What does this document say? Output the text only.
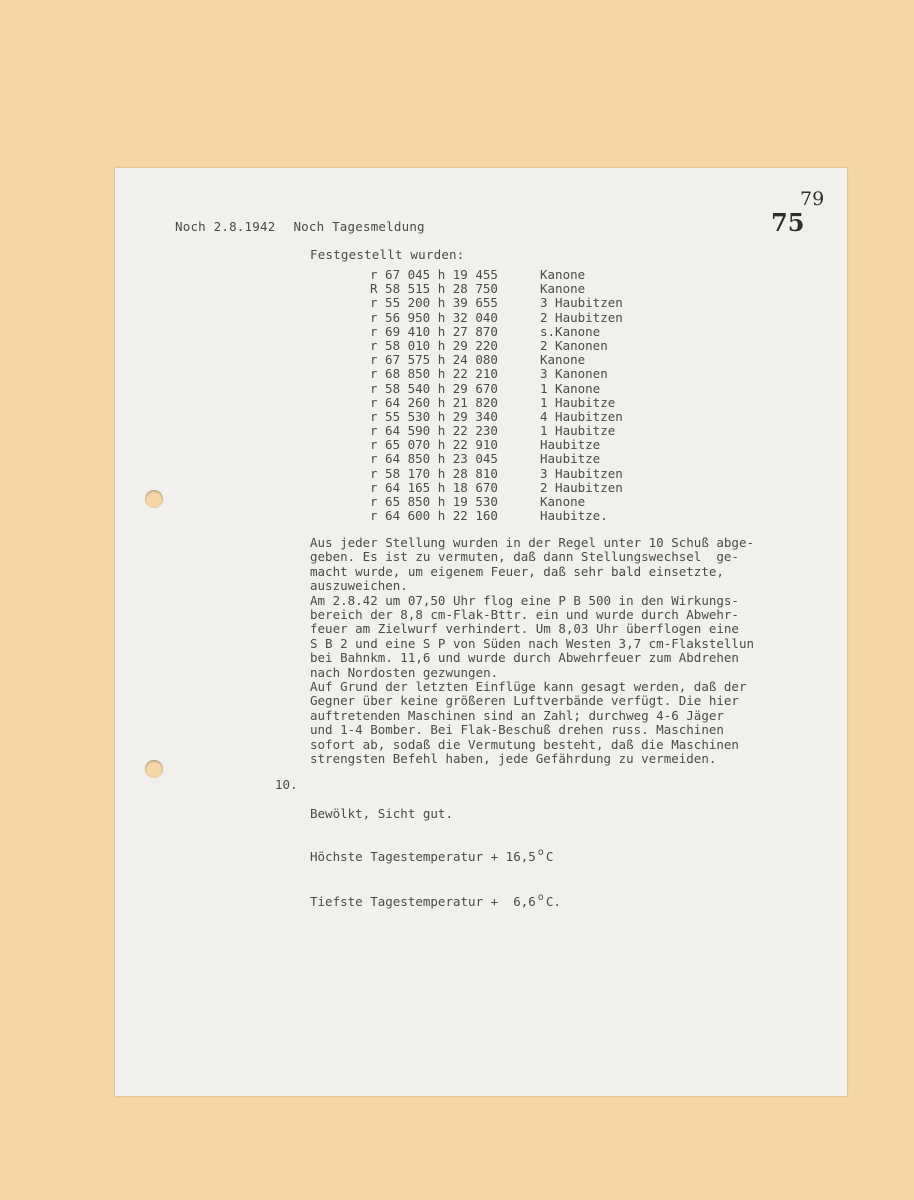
79
75
Noch 2.8.1942 Noch Tagesmeldung
Festgestellt wurden:
r 67 045 h 19 455	Kanone
R 58 515 h 28 750	Kanone
r 55 200 h 39 655	3 Haubitzen
r 56 950 h 32 040	2 Haubitzen
r 69 410 h 27 870	s.Kanone
r 58 010 h 29 220	2 Kanonen
r 67 575 h 24 080	Kanone
r 68 850 h 22 210	3 Kanonen
r 58 540 h 29 670	1 Kanone
r 64 260 h 21 820	1 Haubitze
r 55 530 h 29 340	4 Haubitzen
r 64 590 h 22 230	1 Haubitze
r 65 070 h 22 910	Haubitze
r 64 850 h 23 045	Haubitze
r 58 170 h 28 810	3 Haubitzen
r 64 165 h 18 670	2 Haubitzen
r 65 850 h 19 530	Kanone
r 64 600 h 22 160	Haubitze.

Aus jeder Stellung wurden in der Regel unter 10 Schuß abge-

geben. Es ist zu vermuten, daß dann Stellungswechsel  ge-

macht wurde, um eigenem Feuer, daß sehr bald einsetzte,

auszuweichen.

Am 2.8.42 um 07,50 Uhr flog eine P B 500 in den Wirkungs-

bereich der 8,8 cm-Flak-Bttr. ein und wurde durch Abwehr-

feuer am Zielwurf verhindert. Um 8,03 Uhr überflogen eine

S B 2 und eine S P von Süden nach Westen 3,7 cm-Flakstellun

bei Bahnkm. 11,6 und wurde durch Abwehrfeuer zum Abdrehen

nach Nordosten gezwungen.

Auf Grund der letzten Einflüge kann gesagt werden, daß der

Gegner über keine größeren Luftverbände verfügt. Die hier

auftretenden Maschinen sind an Zahl; durchweg 4-6 Jäger

und 1-4 Bomber. Bei Flak-Beschuß drehen russ. Maschinen

sofort ab, sodaß die Vermutung besteht, daß die Maschinen

strengsten Befehl haben, jede Gefährdung zu vermeiden.

10.

Bewölkt, Sicht gut.

Höchste Tagestemperatur + 16,5 $^o$ C

Tiefste Tagestemperatur +  6,6 $^o$ C.
